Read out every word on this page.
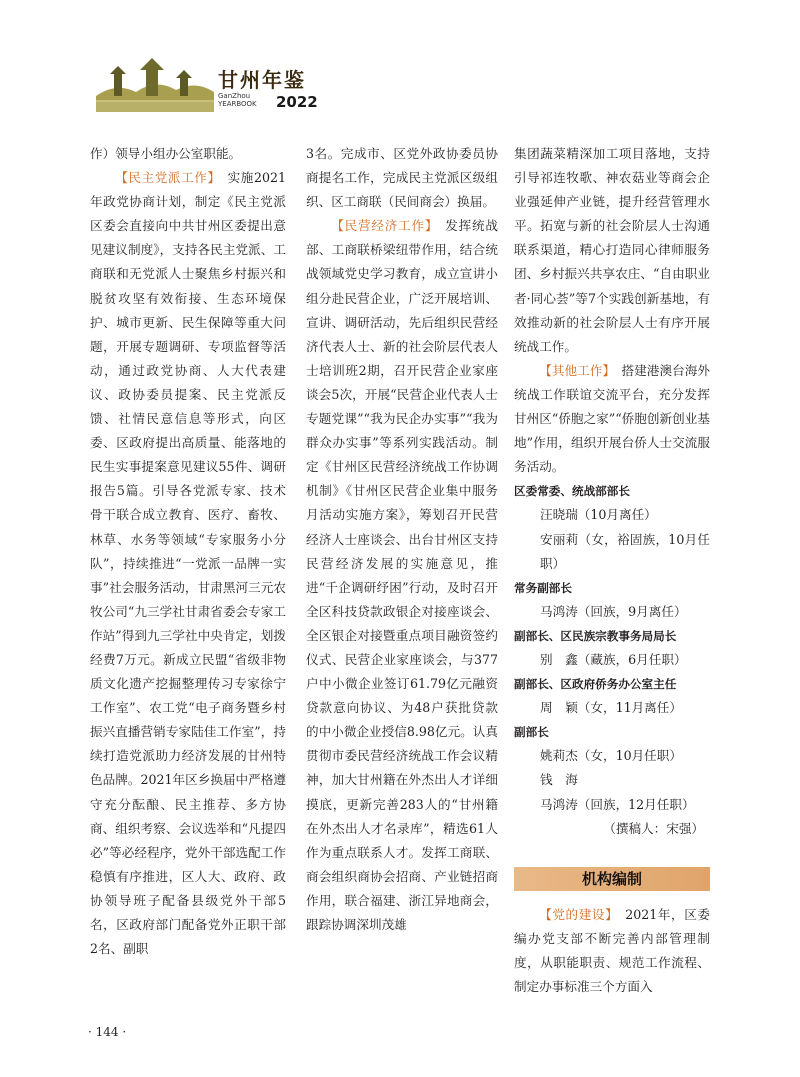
甘州年鉴
GanZhou
YEARBOOK 2022

作）领导小组办公室职能。

【民主党派工作】　 实施2021年政党协商计划，制定《民主党派区委会直接向中共甘州区委提出意见建议制度》，支持各民主党派、工商联和无党派人士聚焦乡村振兴和脱贫攻坚有效衔接、生态环境保护、城市更新、民生保障等重大问题，开展专题调研、专项监督等活动，通过政党协商、人大代表建议、政协委员提案、民主党派反馈、社情民意信息等形式，向区委、区政府提出高质量、能落地的民生实事提案意见建议55件、调研报告5篇。引导各党派专家、技术骨干联合成立教育、医疗、畜牧、林草、水务等领域“专家服务小分队”，持续推进“一党派一品牌一实事”社会服务活动，甘肃黑河三元农牧公司“九三学社甘肃省委会专家工作站”得到九三学社中央肯定，划拨经费7万元。新成立民盟“省级非物质文化遗产挖掘整理传习专家徐宁工作室”、农工党“电子商务暨乡村振兴直播营销专家陆佳工作室”，持续打造党派助力经济发展的甘州特色品牌。2021年区乡换届中严格遵守充分酝酿、民主推荐、多方协商、组织考察、会议选举和“凡提四必”等必经程序，党外干部选配工作稳慎有序推进，区人大、政府、政协领导班子配备县级党外干部5名，区政府部门配备党外正职干部2名、副职

3名。完成市、区党外政协委员协商提名工作，完成民主党派区级组织、区工商联（民间商会）换届。

【民营经济工作】　 发挥统战部、工商联桥梁纽带作用，结合统战领域党史学习教育，成立宣讲小组分赴民营企业，广泛开展培训、宣讲、调研活动，先后组织民营经济代表人士、新的社会阶层代表人士培训班2期，召开民营企业家座谈会5次，开展“民营企业代表人士专题党课”“我为民企办实事”“我为群众办实事”等系列实践活动。制定《甘州区民营经济统战工作协调机制》《甘州区民营企业集中服务月活动实施方案》，筹划召开民营经济人士座谈会、出台甘州区支持民营经济发展的实施意见，推进“千企调研纾困”行动，及时召开全区科技贷款政银企对接座谈会、全区银企对接暨重点项目融资签约仪式、民营企业家座谈会，与377户中小微企业签订61.79亿元融资贷款意向协议、为48户获批贷款的中小微企业授信8.98亿元。认真贯彻市委民营经济统战工作会议精神，加大甘州籍在外杰出人才详细摸底，更新完善283人的“甘州籍在外杰出人才名录库”，精选61人作为重点联系人才。发挥工商联、商会组织商协会招商、产业链招商作用，联合福建、浙江异地商会，跟踪协调深圳茂雄

集团蔬菜精深加工项目落地，支持引导祁连牧歌、神农菇业等商会企业强延伸产业链，提升经营管理水平。拓宽与新的社会阶层人士沟通联系渠道，精心打造同心律师服务团、乡村振兴共享农庄、“自由职业者·同心荟”等7个实践创新基地，有效推动新的社会阶层人士有序开展统战工作。

【其他工作】　 搭建港澳台海外统战工作联谊交流平台，充分发挥甘州区“侨胞之家”“侨胞创新创业基地”作用，组织开展台侨人士交流服务活动。

区委常委、统战部部长

汪晓瑞（10月离任）

安丽莉（女，裕固族，10月任职）

常务副部长

马鸿涛（回族，9月离任）

副部长、区民族宗教事务局局长

别　鑫（藏族，6月任职）

副部长、区政府侨务办公室主任

周　颖（女，11月离任）

副部长

姚莉杰（女，10月任职）

钱　海

马鸿涛（回族，12月任职）

（撰稿人：宋强）

机构编制

【党的建设】　 2021年，区委编办党支部不断完善内部管理制度，从职能职责、规范工作流程、制定办事标准三个方面入

· 144 ·
